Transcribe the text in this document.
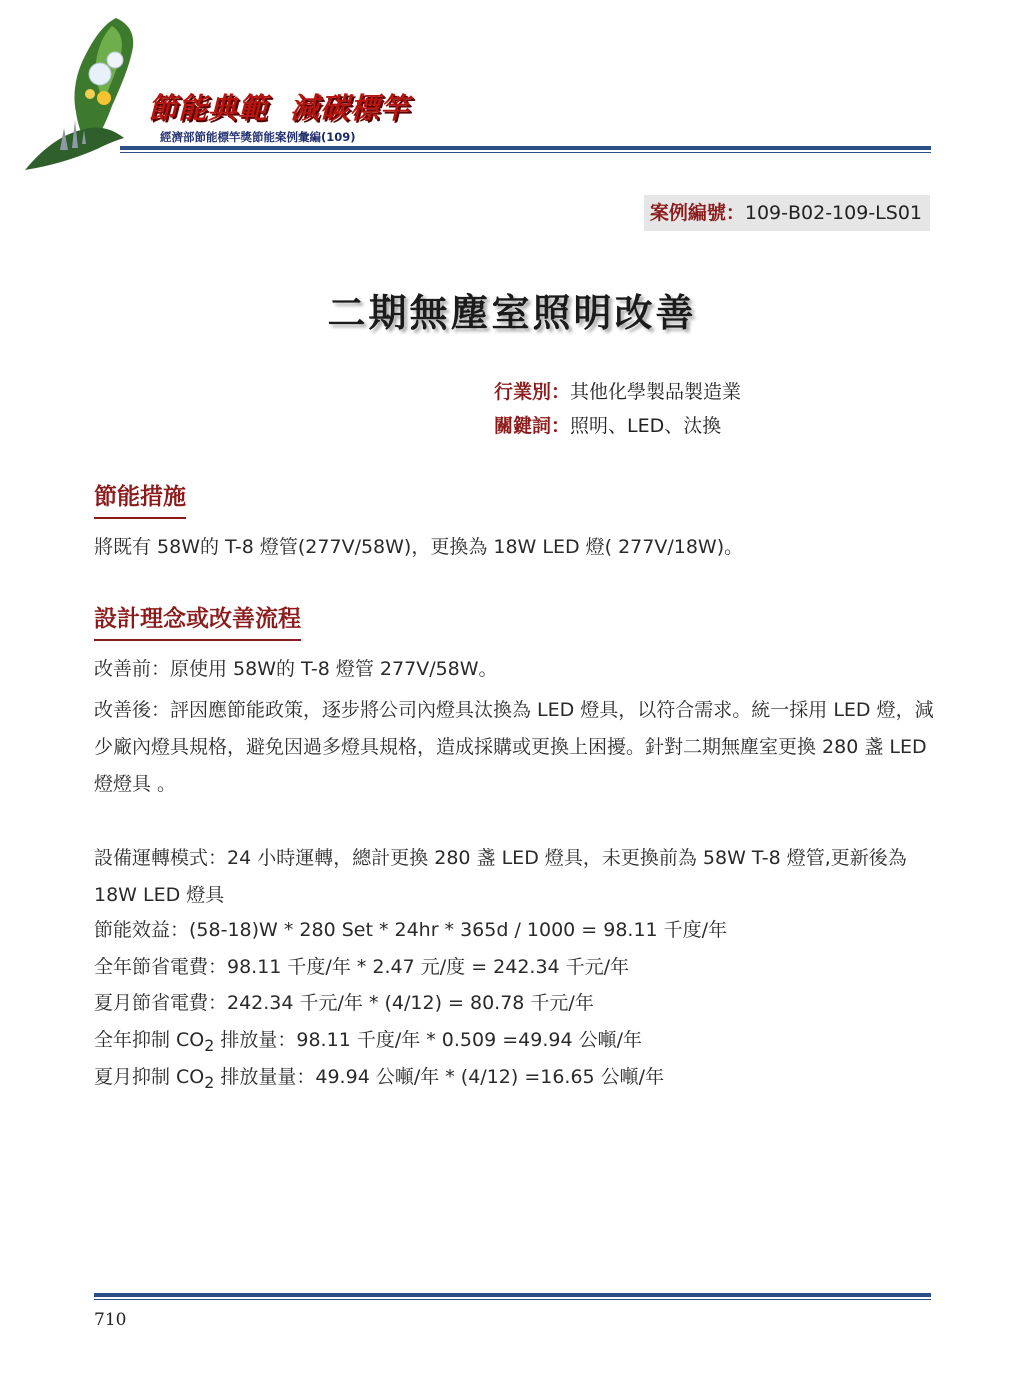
節能典範 減碳標竿
經濟部節能標竿獎節能案例彙編(109)
案例編號：109-B02-109-LS01
二期無塵室照明改善
行業別：其他化學製品製造業
關鍵詞：照明、LED、汰換
節能措施
將既有 58W的 T-8 燈管(277V/58W)，更換為 18W LED 燈( 277V/18W)。
設計理念或改善流程
改善前：原使用 58W的 T-8 燈管 277V/58W。
改善後：評因應節能政策，逐步將公司內燈具汰換為 LED 燈具，以符合需求。統一採用 LED 燈，減少廠內燈具規格，避免因過多燈具規格，造成採購或更換上困擾。針對二期無塵室更換 280 盞 LED 燈燈具 。
設備運轉模式：24 小時運轉，總計更換 280 盞 LED 燈具，未更換前為 58W T-8 燈管,更新後為 18W LED 燈具
節能效益：(58-18)W * 280 Set * 24hr * 365d / 1000 = 98.11 千度/年
全年節省電費：98.11 千度/年 * 2.47 元/度 = 242.34 千元/年
夏月節省電費：242.34 千元/年 * (4/12) = 80.78 千元/年
全年抑制 $CO_2$ 排放量：98.11 千度/年 * 0.509 =49.94 公噸/年
夏月抑制 $CO_2$ 排放量量：49.94 公噸/年 * (4/12) =16.65 公噸/年
710
